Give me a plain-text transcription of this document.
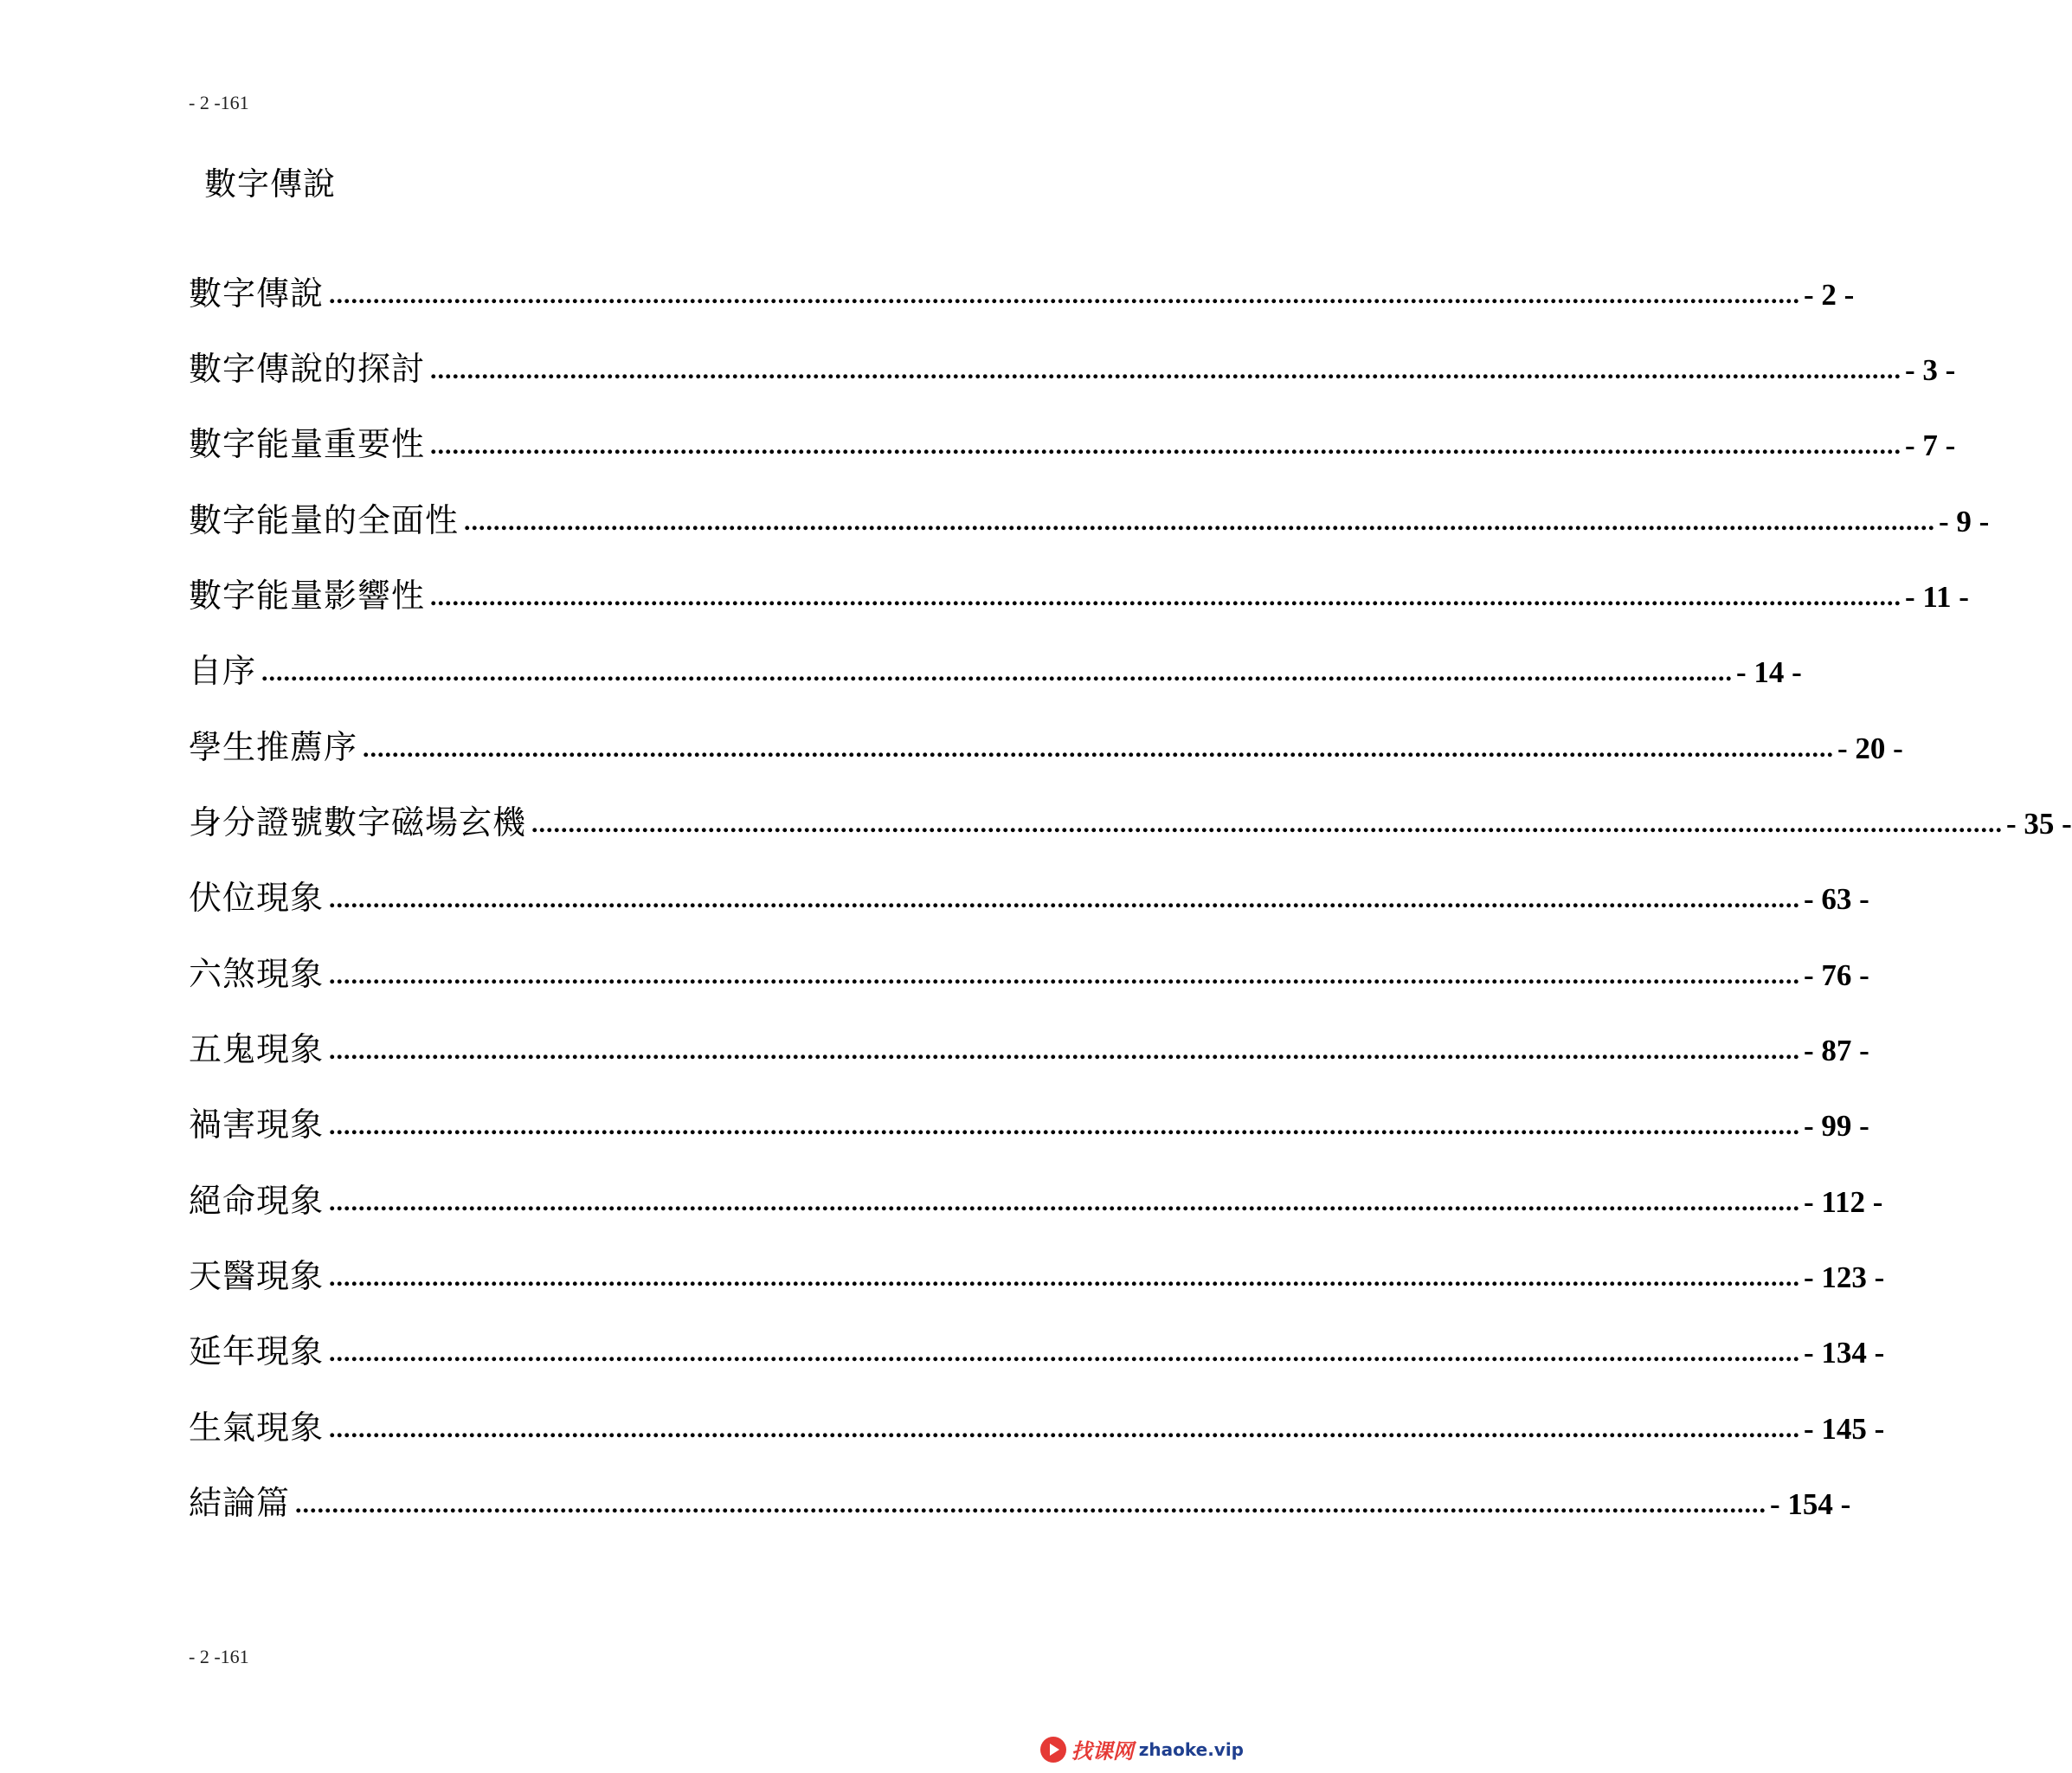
- 2 -161
數字傳說
數字傳說 ........................................................................................................................................................................................................ - 2 -
數字傳說的探討 ........................................................................................................................................................................................................ - 3 -
數字能量重要性 ........................................................................................................................................................................................................ - 7 -
數字能量的全面性 ........................................................................................................................................................................................................ - 9 -
數字能量影響性 ........................................................................................................................................................................................................ - 11 -
自序 ........................................................................................................................................................................................................ - 14 -
學生推薦序 ........................................................................................................................................................................................................ - 20 -
身分證號數字磁場玄機 ........................................................................................................................................................................................................ - 35 -
伏位現象 ........................................................................................................................................................................................................ - 63 -
六煞現象 ........................................................................................................................................................................................................ - 76 -
五鬼現象 ........................................................................................................................................................................................................ - 87 -
禍害現象 ........................................................................................................................................................................................................ - 99 -
絕命現象 ........................................................................................................................................................................................................ - 112 -
天醫現象 ........................................................................................................................................................................................................ - 123 -
延年現象 ........................................................................................................................................................................................................ - 134 -
生氣現象 ........................................................................................................................................................................................................ - 145 -
結論篇 ........................................................................................................................................................................................................ - 154 -
- 2 -161
找课网 zhaoke.vip
